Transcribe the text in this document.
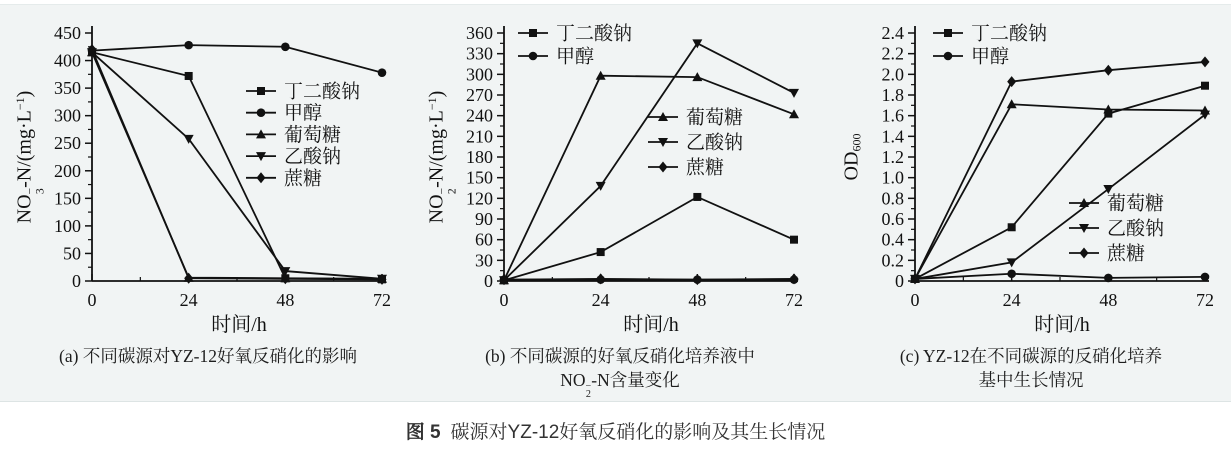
0
50
100
150
200
250
300
350
400
450
0	24	48	72
时间/h
丁二酸钠
甲醇
葡萄糖
乙酸钠
蔗糖
NO
−
3
$-N/(mg\cdot L^{-1})$
(a) 不同碳源对YZ-12好氧反硝化的影响
0
30
60
90
120
150
180
210
240
270
300
330
360
0	24	48	72
时间/h
丁二酸钠
甲醇
葡萄糖
乙酸钠
蔗糖
NO
−
2
$-N/(mg\cdot L^{-1})$
(b) 不同碳源的好氧反硝化培养液中
NO −
2
-N含量变化
0
0.2
0.4
0.6
0.8
1.0
1.2
1.4
1.6
1.8
2.0
2.2
2.4
0	24	48	72
时间/h
丁二酸钠
甲醇
葡萄糖
乙酸钠
蔗糖
$OD_{600}$
(c) YZ-12在不同碳源的反硝化培养
基中生长情况
图 5 碳源对YZ-12好氧反硝化的影响及其生长情况
